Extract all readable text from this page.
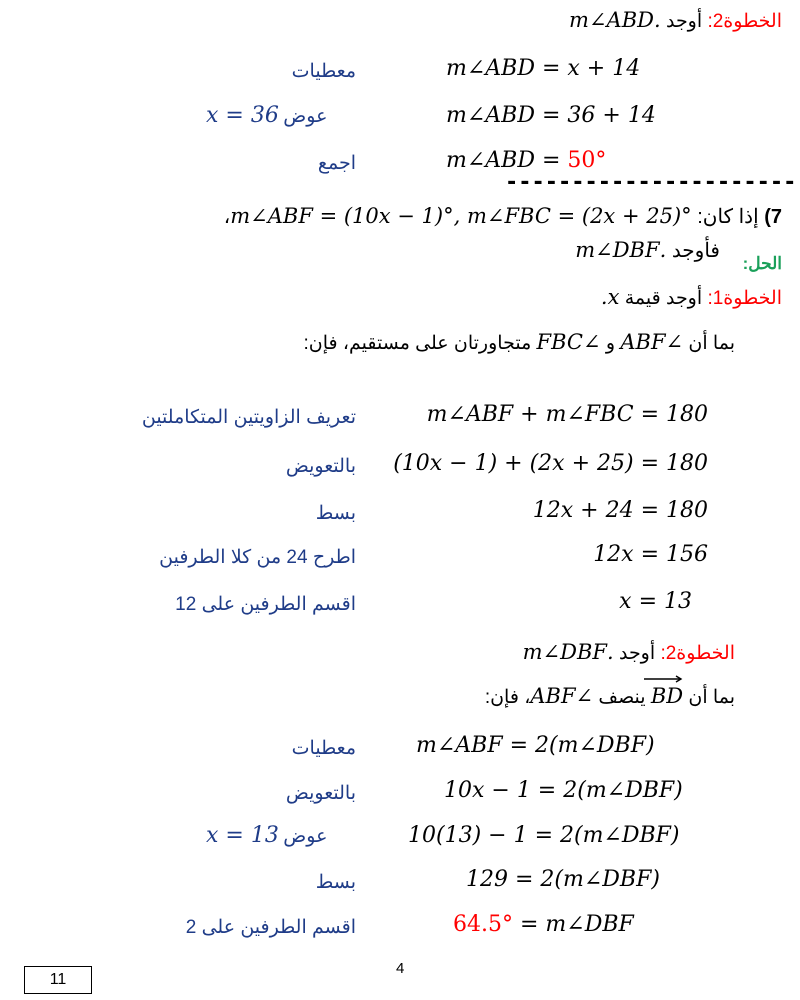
الخطوة2: أوجد .m∠ABD
m∠ABD = x + 14
معطيات
m∠ABD = 36 + 14
x = 36 عوض
m∠ABD = 50°
اجمع
----------------------
7) إذا كان: m∠ABF = (10x − 1)°, m∠FBC = (2x + 25)°،
فأوجد .m∠DBF
الحل:
الخطوة1: أوجد قيمة x.
بما أن ∠ABF و ∠FBC متجاورتان على مستقيم، فإن:
m∠ABF + m∠FBC = 180
تعريف الزاويتين المتكاملتين
(10x − 1) + (2x + 25) = 180
بالتعويض
12x + 24 = 180
بسط
12x = 156
اطرح 24 من كلا الطرفين
x = 13
اقسم الطرفين على 12
الخطوة2: أوجد .m∠DBF
بما أن
BD ينصف ∠ABF، فإن:
m∠ABF = 2(m∠DBF)
معطيات
10x − 1 = 2(m∠DBF)
بالتعويض
10(13) − 1 = 2(m∠DBF)
x = 13 عوض
129 = 2(m∠DBF)
بسط
64.5° = m∠DBF
اقسم الطرفين على 2
4
11
